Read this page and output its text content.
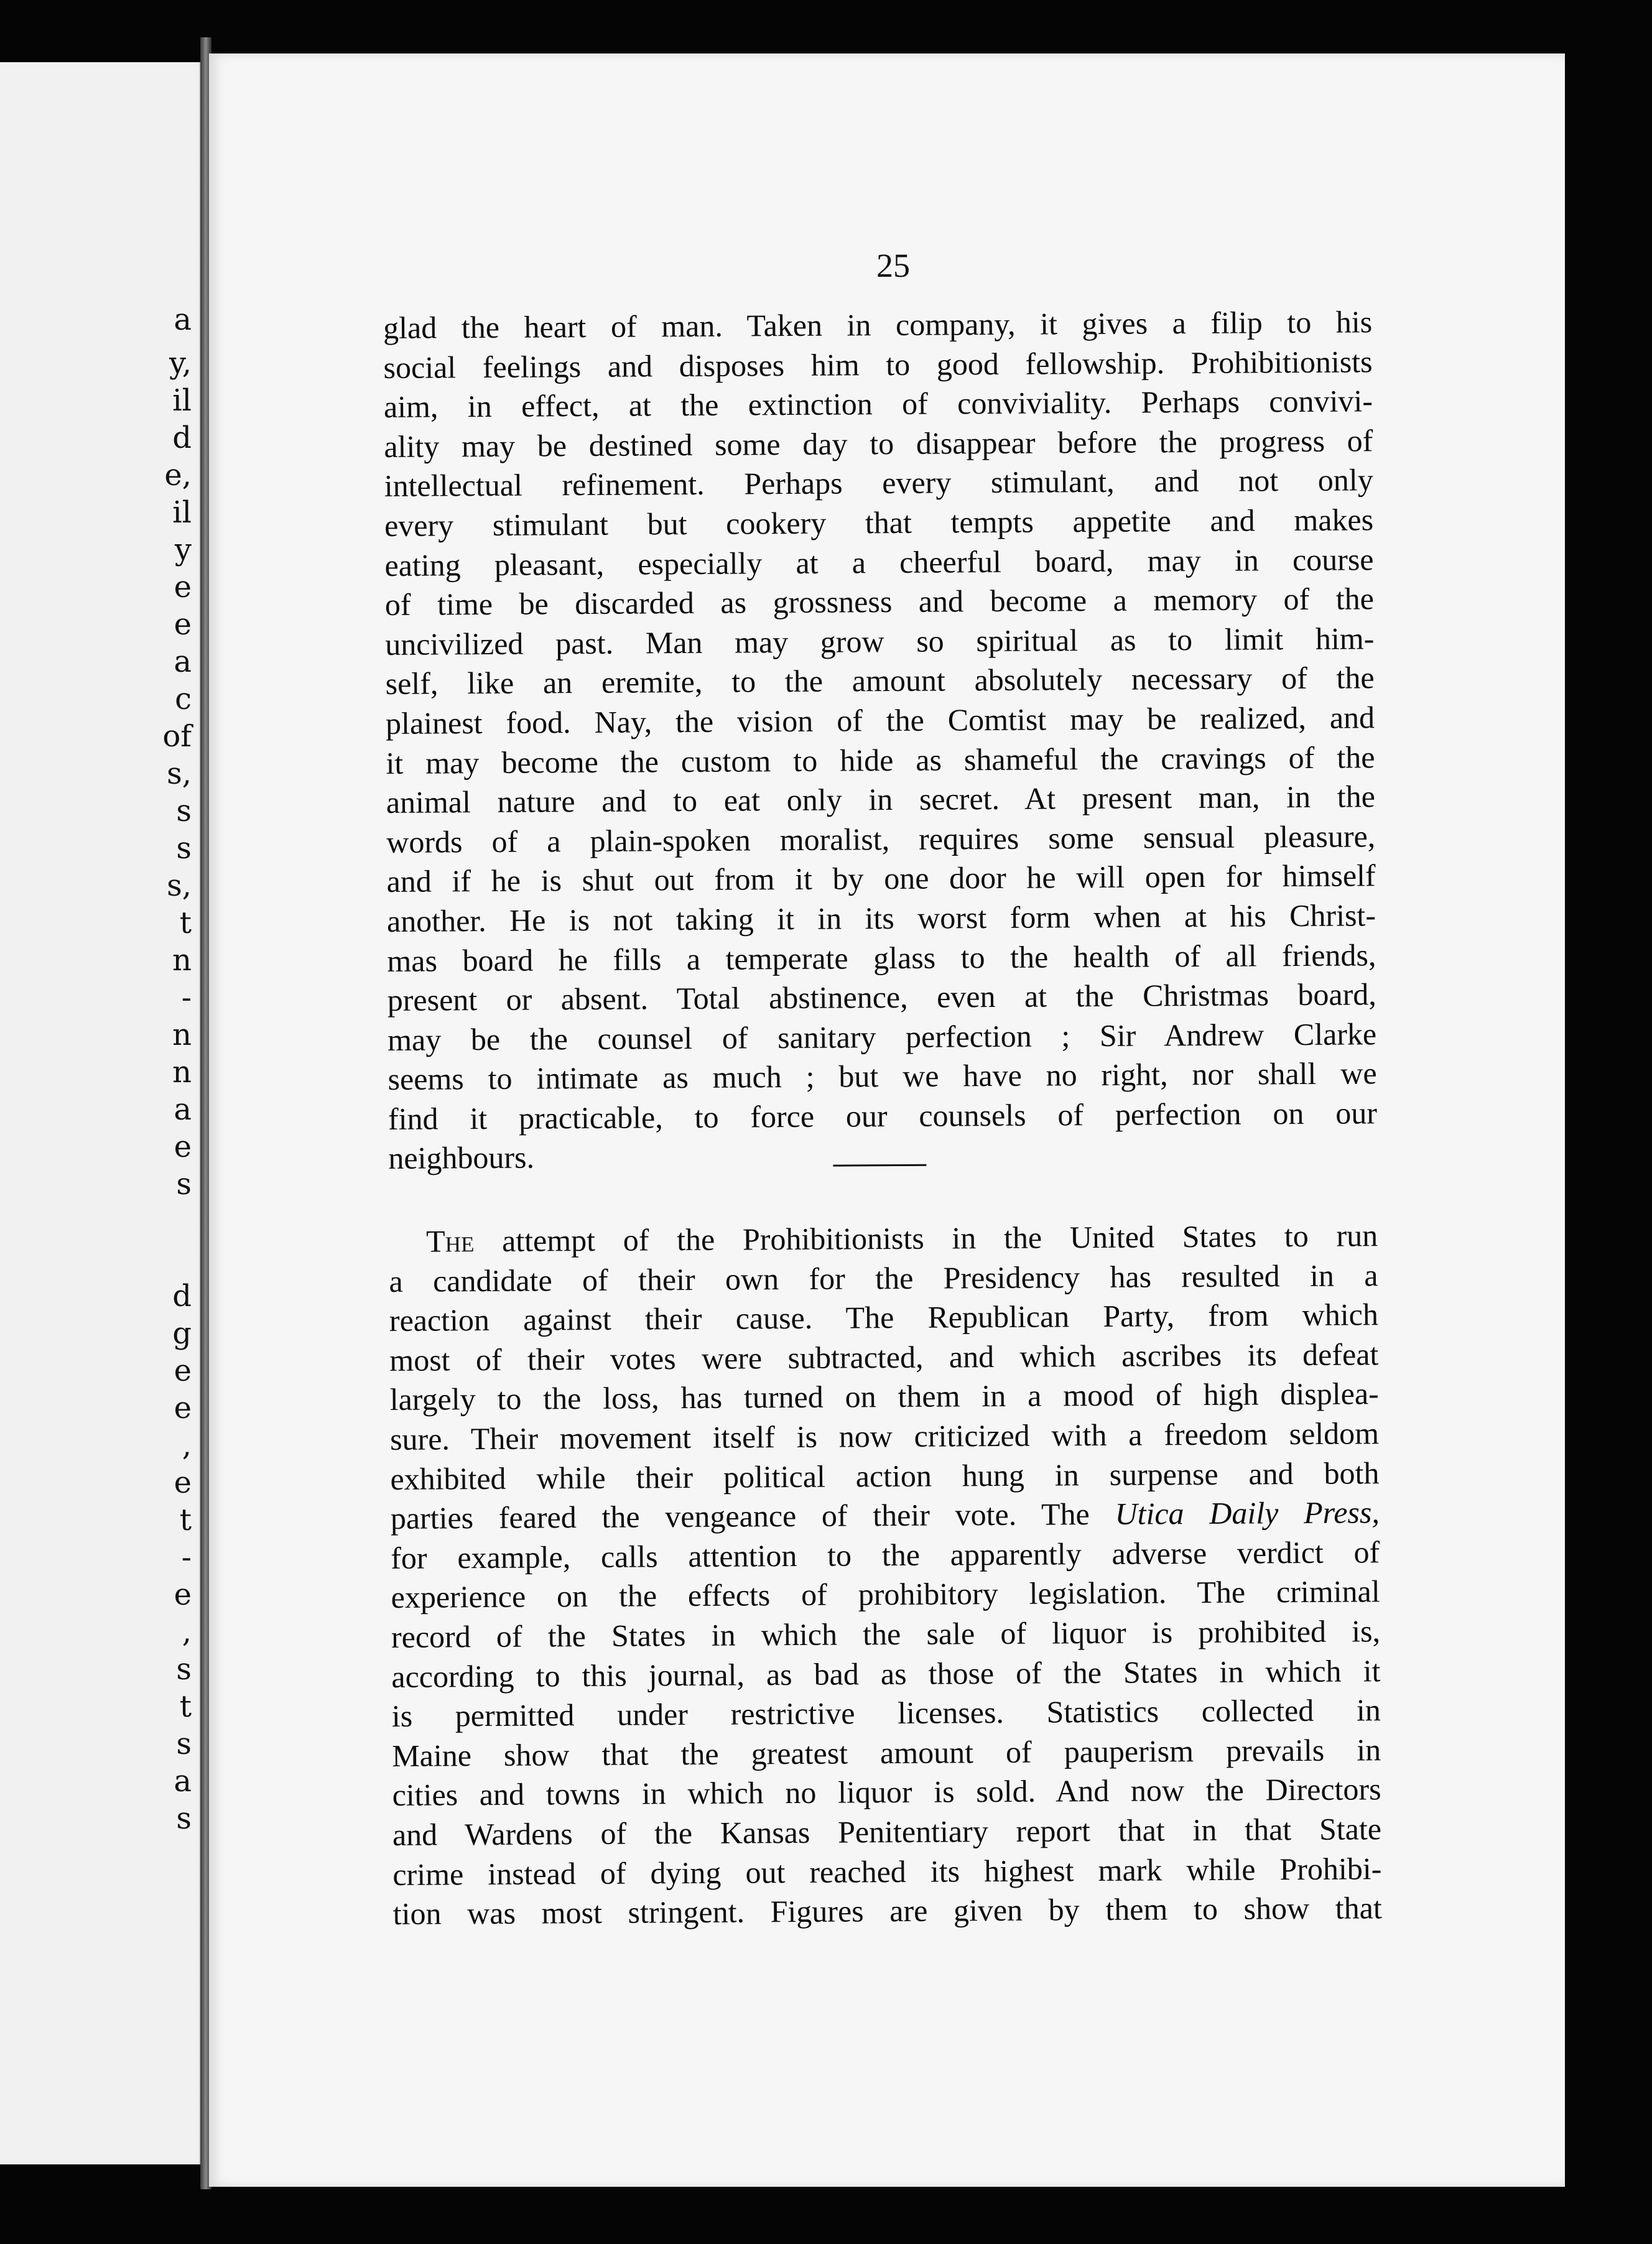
a
y,
il
d
e,
il
y
e
e
a
c
of
s,
s
s
s,
t
n
-
n
n
a
e
s
d
g
e
e
,
e
t
-
e
,
s
t
s
a
s
25
glad the heart of man. Taken in company, it gives a filip to his
social feelings and disposes him to good fellowship. Prohibitionists
aim, in effect, at the extinction of conviviality. Perhaps convivi-
ality may be destined some day to disappear before the progress of
intellectual refinement. Perhaps every stimulant, and not only
every stimulant but cookery that tempts appetite and makes
eating pleasant, especially at a cheerful board, may in course
of time be discarded as grossness and become a memory of the
uncivilized past. Man may grow so spiritual as to limit him-
self, like an eremite, to the amount absolutely necessary of the
plainest food. Nay, the vision of the Comtist may be realized, and
it may become the custom to hide as shameful the cravings of the
animal nature and to eat only in secret. At present man, in the
words of a plain-spoken moralist, requires some sensual pleasure,
and if he is shut out from it by one door he will open for himself
another. He is not taking it in its worst form when at his Christ-
mas board he fills a temperate glass to the health of all friends,
present or absent. Total abstinence, even at the Christmas board,
may be the counsel of sanitary perfection ; Sir Andrew Clarke
seems to intimate as much ; but we have no right, nor shall we
find it practicable, to force our counsels of perfection on our
neighbours.
The attempt of the Prohibitionists in the United States to run
a candidate of their own for the Presidency has resulted in a
reaction against their cause. The Republican Party, from which
most of their votes were subtracted, and which ascribes its defeat
largely to the loss, has turned on them in a mood of high displea-
sure. Their movement itself is now criticized with a freedom seldom
exhibited while their political action hung in surpense and both
parties feared the vengeance of their vote. The Utica Daily Press,
for example, calls attention to the apparently adverse verdict of
experience on the effects of prohibitory legislation. The criminal
record of the States in which the sale of liquor is prohibited is,
according to this journal, as bad as those of the States in which it
is permitted under restrictive licenses. Statistics collected in
Maine show that the greatest amount of pauperism prevails in
cities and towns in which no liquor is sold. And now the Directors
and Wardens of the Kansas Penitentiary report that in that State
crime instead of dying out reached its highest mark while Prohibi-
tion was most stringent. Figures are given by them to show that
